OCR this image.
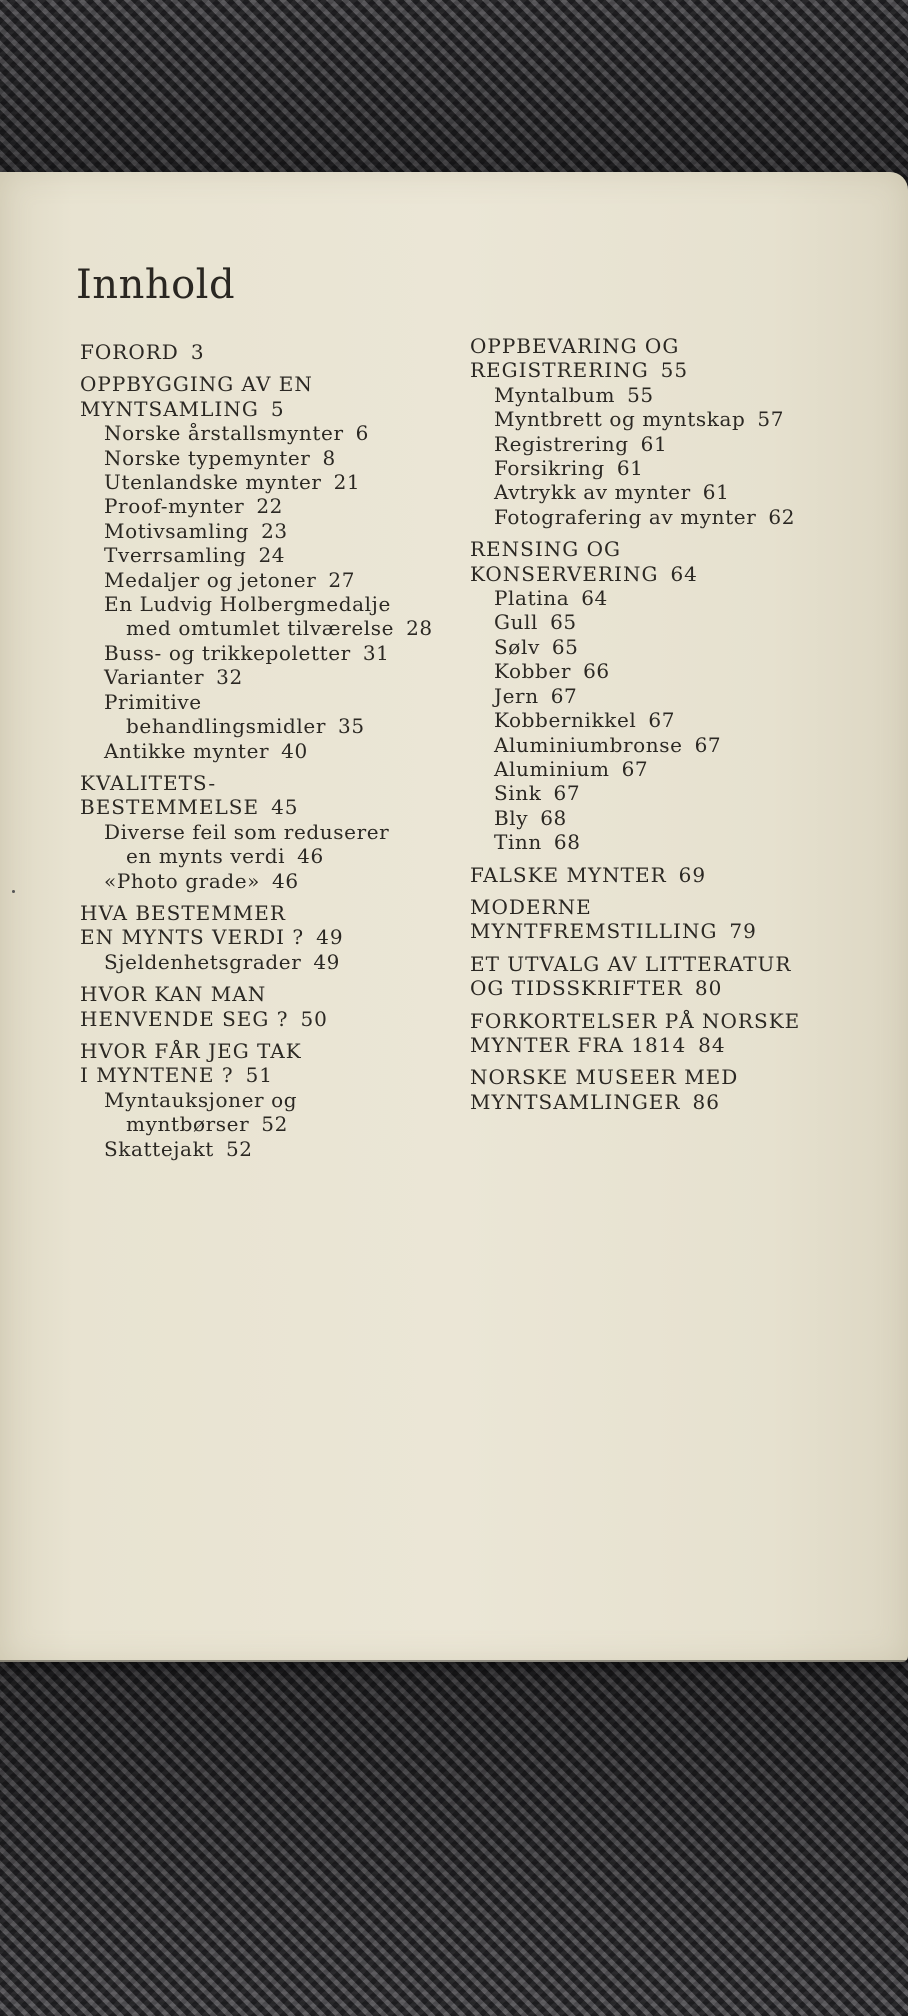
Innhold
FORORD 3
OPPBYGGING AV EN
MYNTSAMLING 5
Norske årstallsmynter 6
Norske typemynter 8
Utenlandske mynter 21
Proof-mynter 22
Motivsamling 23
Tverrsamling 24
Medaljer og jetoner 27
En Ludvig Holbergmedalje
med omtumlet tilværelse 28
Buss- og trikkepoletter 31
Varianter 32
Primitive
behandlingsmidler 35
Antikke mynter 40
KVALITETS-
BESTEMMELSE 45
Diverse feil som reduserer
en mynts verdi 46
«Photo grade» 46
HVA BESTEMMER
EN MYNTS VERDI ? 49
Sjeldenhetsgrader 49
HVOR KAN MAN
HENVENDE SEG ? 50
HVOR FÅR JEG TAK
I MYNTENE ? 51
Myntauksjoner og
myntbørser 52
Skattejakt 52
OPPBEVARING OG
REGISTRERING 55
Myntalbum 55
Myntbrett og myntskap 57
Registrering 61
Forsikring 61
Avtrykk av mynter 61
Fotografering av mynter 62
RENSING OG
KONSERVERING 64
Platina 64
Gull 65
Sølv 65
Kobber 66
Jern 67
Kobbernikkel 67
Aluminiumbronse 67
Aluminium 67
Sink 67
Bly 68
Tinn 68
FALSKE MYNTER 69
MODERNE
MYNTFREMSTILLING 79
ET UTVALG AV LITTERATUR
OG TIDSSKRIFTER 80
FORKORTELSER PÅ NORSKE
MYNTER FRA 1814 84
NORSKE MUSEER MED
MYNTSAMLINGER 86
